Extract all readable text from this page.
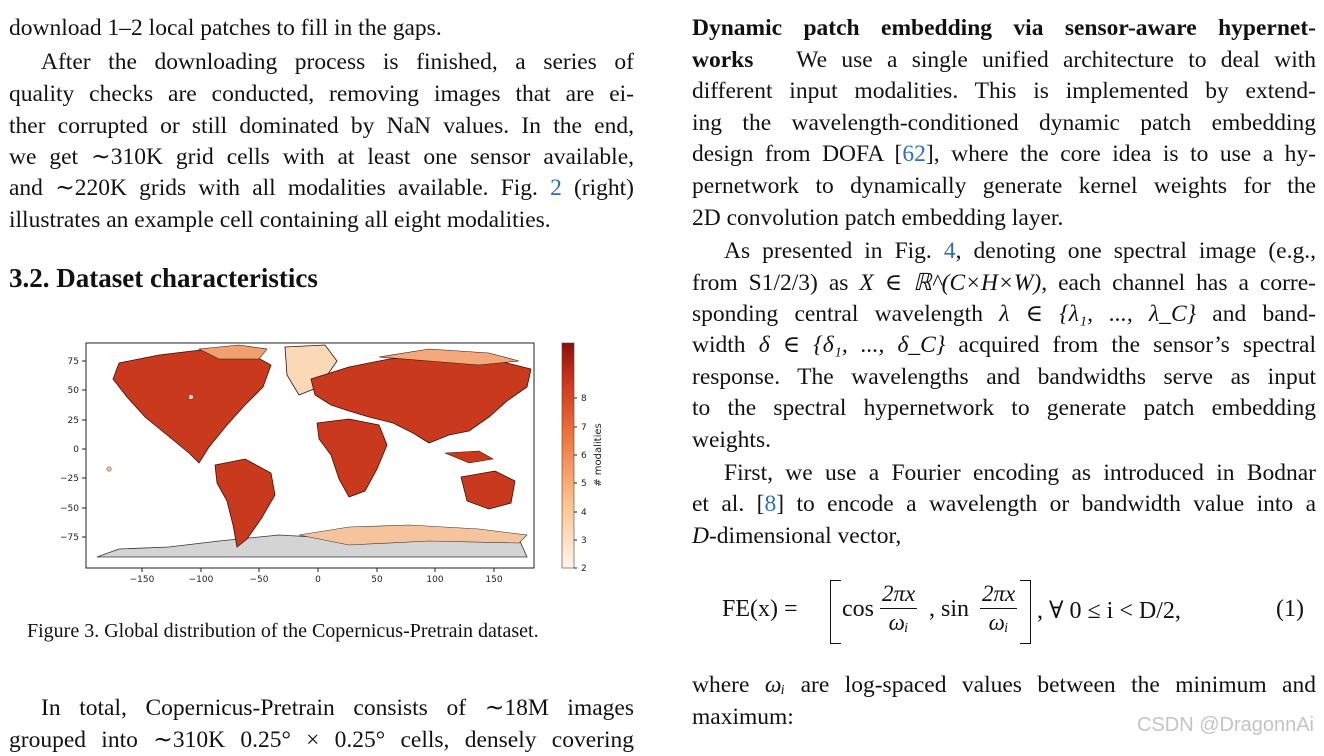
download 1–2 local patches to fill in the gaps.
After the downloading process is finished, a series of
quality checks are conducted, removing images that are ei-
ther corrupted or still dominated by NaN values. In the end,
we get ∼310K grid cells with at least one sensor available,
and ∼220K grids with all modalities available. Fig. 2 (right)
illustrates an example cell containing all eight modalities.
3.2. Dataset characteristics
75
50
25
0
−25
−50
−75
−150	−100	−50	0	50	100	150
2
3
4
5
6
7
8
# modalities
Figure 3. Global distribution of the Copernicus-Pretrain dataset.
In total, Copernicus-Pretrain consists of ∼18M images
grouped into ∼310K 0.25° × 0.25° cells, densely covering
Dynamic patch embedding via sensor-aware hypernet-
works We use a single unified architecture to deal with
different input modalities. This is implemented by extend-
ing the wavelength-conditioned dynamic patch embedding
design from DOFA [62], where the core idea is to use a hy-
pernetwork to dynamically generate kernel weights for the
2D convolution patch embedding layer.
As presented in Fig. 4, denoting one spectral image (e.g.,
from S1/2/3) as X ∈ ℝ^(C×H×W), each channel has a corre-
sponding central wavelength λ ∈ {λ₁, ..., λ_C} and band-
width δ ∈ {δ₁, ..., δ_C} acquired from the sensor’s spectral
response. The wavelengths and bandwidths serve as input
to the spectral hypernetwork to generate patch embedding
weights.
First, we use a Fourier encoding as introduced in Bodnar
et al. [8] to encode a wavelength or bandwidth value into a
D-dimensional vector,
$FE(x) = \cos \frac{2\pi x}{\text{ωᵢ}}$ , $\sin \frac{2\pi x}{\text{ωᵢ}}$ , ∀ 0 ≤ i < D/2,	(1)
where ωᵢ are log-spaced values between the minimum and
maximum:	CSDN @DragonnAi
